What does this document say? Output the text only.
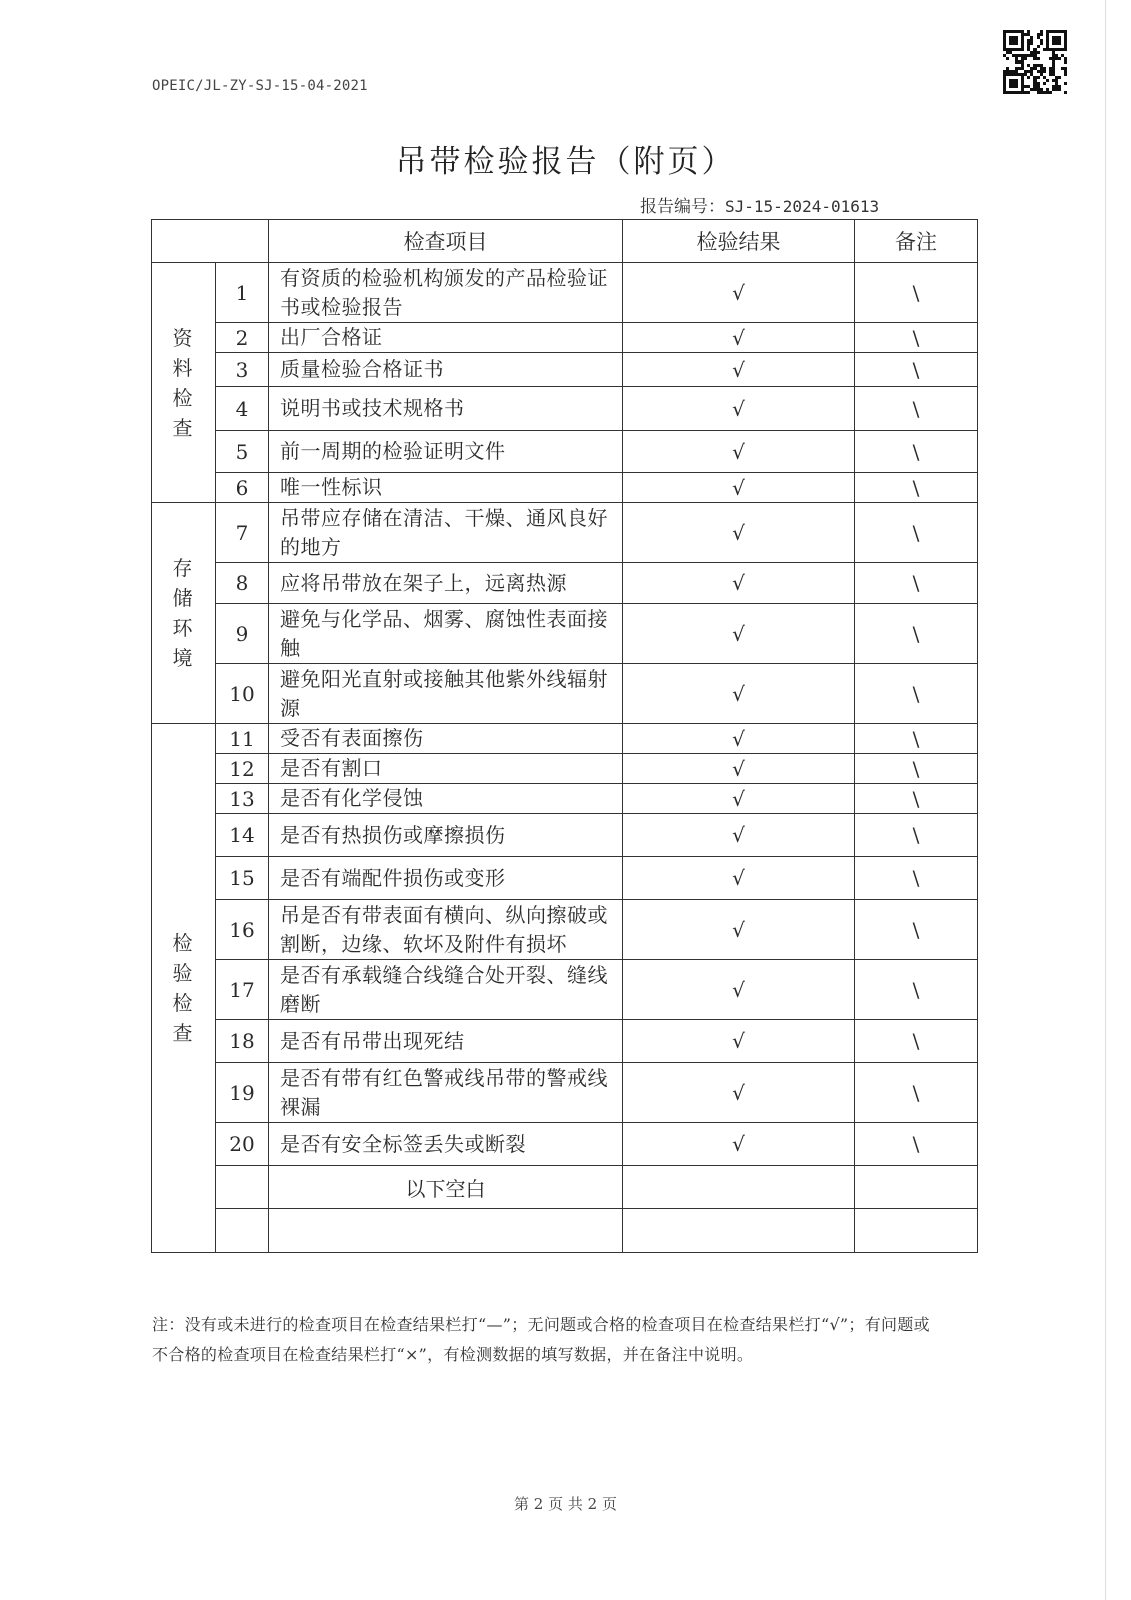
OPEIC/JL-ZY-SJ-15-04-2021
吊带检验报告（附页）
报告编号：SJ-15-2024-01613
		检查项目	检验结果	备注
资料检查	1	有资质的检验机构颁发的产品检验证书或检验报告	√	\
	2	出厂合格证	√	\
	3	质量检验合格证书	√	\
	4	说明书或技术规格书	√	\
	5	前一周期的检验证明文件	√	\
	6	唯一性标识	√	\
存储环境	7	吊带应存储在清洁、干燥、通风良好的地方	√	\
	8	应将吊带放在架子上，远离热源	√	\
	9	避免与化学品、烟雾、腐蚀性表面接触	√	\
	10	避免阳光直射或接触其他紫外线辐射源	√	\
检验检查	11	受否有表面擦伤	√	\
	12	是否有割口	√	\
	13	是否有化学侵蚀	√	\
	14	是否有热损伤或摩擦损伤	√	\
	15	是否有端配件损伤或变形	√	\
	16	吊是否有带表面有横向、纵向擦破或割断，边缘、软坏及附件有损坏	√	\
	17	是否有承载缝合线缝合处开裂、缝线磨断	√	\
	18	是否有吊带出现死结	√	\
	19	是否有带有红色警戒线吊带的警戒线裸漏	√	\
	20	是否有安全标签丢失或断裂	√	\
		以下空白		

注：没有或未进行的检查项目在检查结果栏打“—”；无问题或合格的检查项目在检查结果栏打“√”；有问题或不合格的检查项目在检查结果栏打“×”，有检测数据的填写数据，并在备注中说明。
第 2 页 共 2 页
